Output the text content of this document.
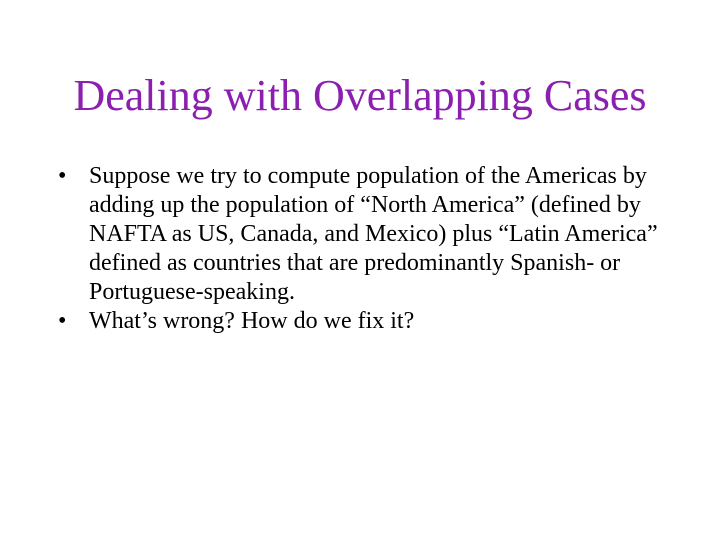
Dealing with Overlapping Cases
• Suppose we try to compute population of the Americas by adding up the population of “North America” (defined by NAFTA as US, Canada, and Mexico) plus “Latin America” defined as countries that are predominantly Spanish- or Portuguese-speaking.
• What’s wrong? How do we fix it?
